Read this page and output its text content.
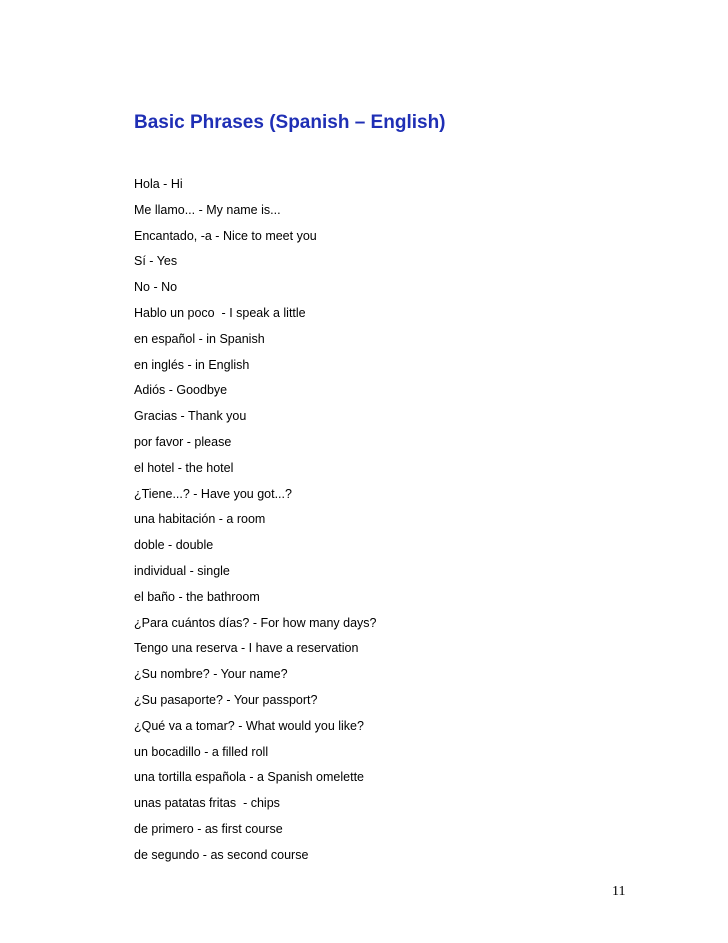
Basic Phrases (Spanish – English)
Hola - Hi
Me llamo... - My name is...
Encantado, -a - Nice to meet you
Sí - Yes
No - No
Hablo un poco  - I speak a little
en español - in Spanish
en inglés - in English
Adiós - Goodbye
Gracias - Thank you
por favor - please
el hotel - the hotel
¿Tiene...? - Have you got...?
una habitación - a room
doble - double
individual - single
el baño - the bathroom
¿Para cuántos días? - For how many days?
Tengo una reserva - I have a reservation
¿Su nombre? - Your name?
¿Su pasaporte? - Your passport?
¿Qué va a tomar? - What would you like?
un bocadillo - a filled roll
una tortilla española - a Spanish omelette
unas patatas fritas  - chips
de primero - as first course
de segundo - as second course
11
